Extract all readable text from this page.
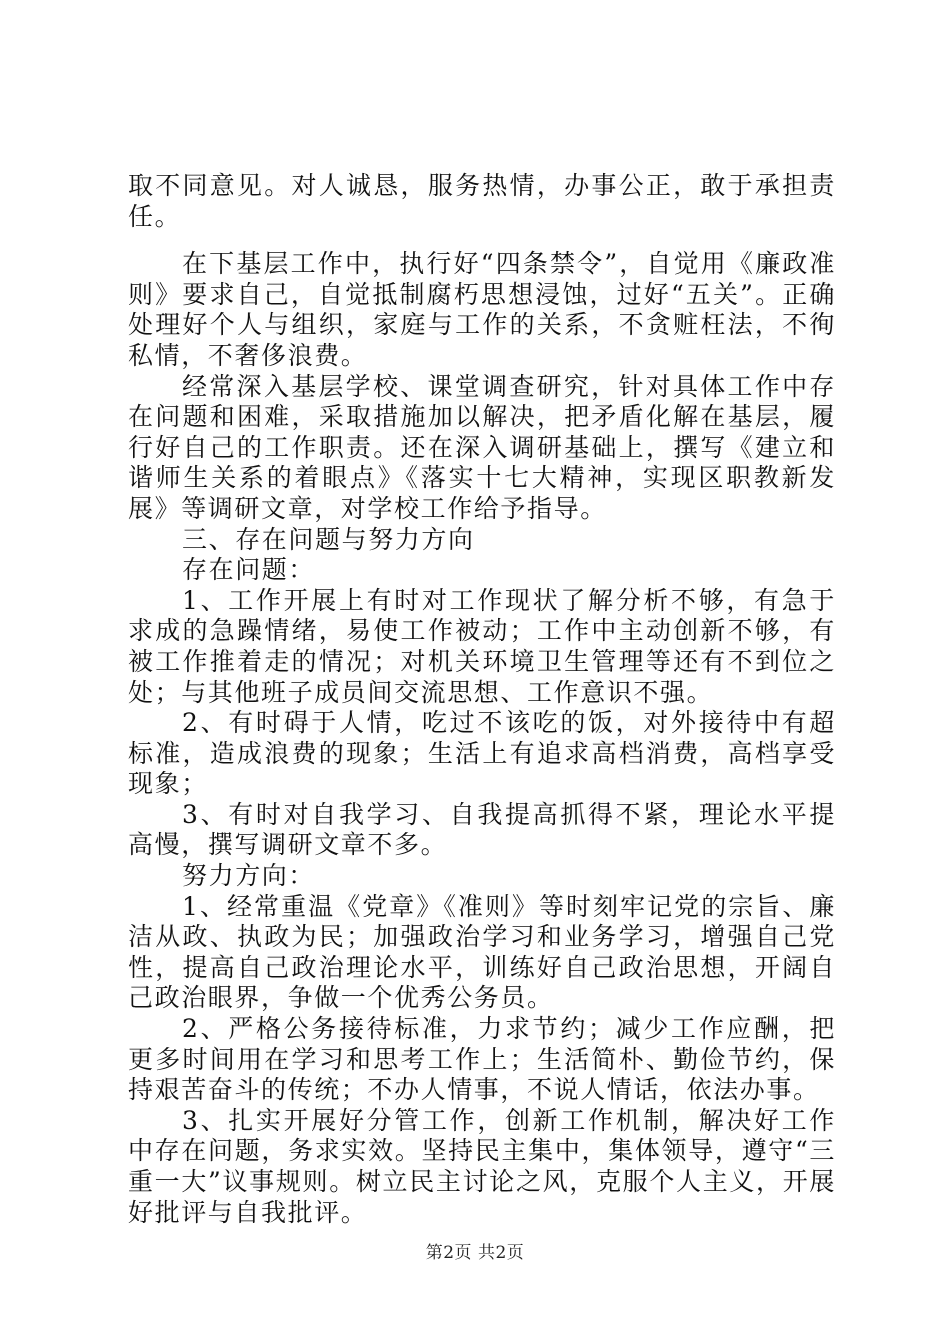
取不同意见。对人诚恳，服务热情，办事公正，敢于承担责任。

在下基层工作中，执行好“四条禁令”，自觉用《廉政准则》要求自己，自觉抵制腐朽思想浸蚀，过好“五关”。正确处理好个人与组织，家庭与工作的关系，不贪赃枉法，不徇私情，不奢侈浪费。

经常深入基层学校、课堂调查研究，针对具体工作中存在问题和困难，采取措施加以解决，把矛盾化解在基层，履行好自己的工作职责。还在深入调研基础上，撰写《建立和谐师生关系的着眼点》《落实十七大精神，实现区职教新发展》等调研文章，对学校工作给予指导。

三、存在问题与努力方向

存在问题：

1、工作开展上有时对工作现状了解分析不够，有急于求成的急躁情绪，易使工作被动；工作中主动创新不够，有被工作推着走的情况；对机关环境卫生管理等还有不到位之处；与其他班子成员间交流思想、工作意识不强。

2、有时碍于人情，吃过不该吃的饭，对外接待中有超标准，造成浪费的现象；生活上有追求高档消费，高档享受现象；

3、有时对自我学习、自我提高抓得不紧，理论水平提高慢，撰写调研文章不多。

努力方向：

1、经常重温《党章》《准则》等时刻牢记党的宗旨、廉洁从政、执政为民；加强政治学习和业务学习，增强自己党性，提高自己政治理论水平，训练好自己政治思想，开阔自己政治眼界，争做一个优秀公务员。

2、严格公务接待标准，力求节约；减少工作应酬，把更多时间用在学习和思考工作上；生活简朴、勤俭节约，保持艰苦奋斗的传统；不办人情事，不说人情话，依法办事。

3、扎实开展好分管工作，创新工作机制，解决好工作中存在问题，务求实效。坚持民主集中，集体领导，遵守“三重一大”议事规则。树立民主讨论之风，克服个人主义，开展好批评与自我批评。

第2页 共2页
